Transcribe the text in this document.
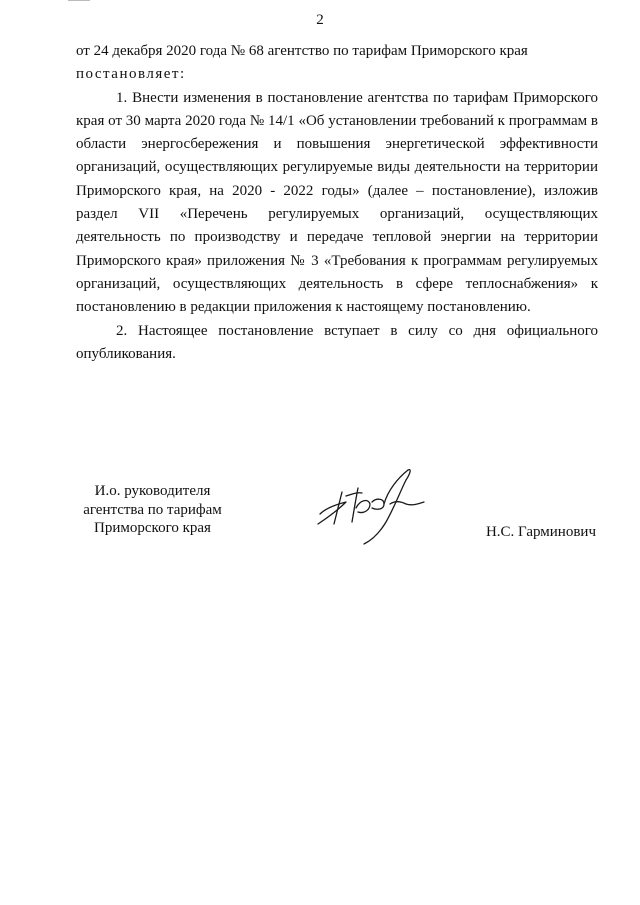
2

от 24 декабря 2020 года № 68 агентство по тарифам Приморского края

постановляет:

1. Внести изменения в постановление агентства по тарифам Приморского края от 30 марта 2020 года № 14/1 «Об установлении требований к программам в области энергосбережения и повышения энергетической эффективности организаций, осуществляющих регулируемые виды деятельности на территории Приморского края, на 2020 - 2022 годы» (далее – постановление), изложив раздел VII «Перечень регулируемых организаций, осуществляющих деятельность по производству и передаче тепловой энергии на территории Приморского края» приложения № 3 «Требования к программам регулируемых организаций, осуществляющих деятельность в сфере теплоснабжения» к постановлению в редакции приложения к настоящему постановлению.

2. Настоящее постановление вступает в силу со дня официального опубликования.

И.о. руководителя
агентства по тарифам
Приморского края	Н.С. Гарминович
